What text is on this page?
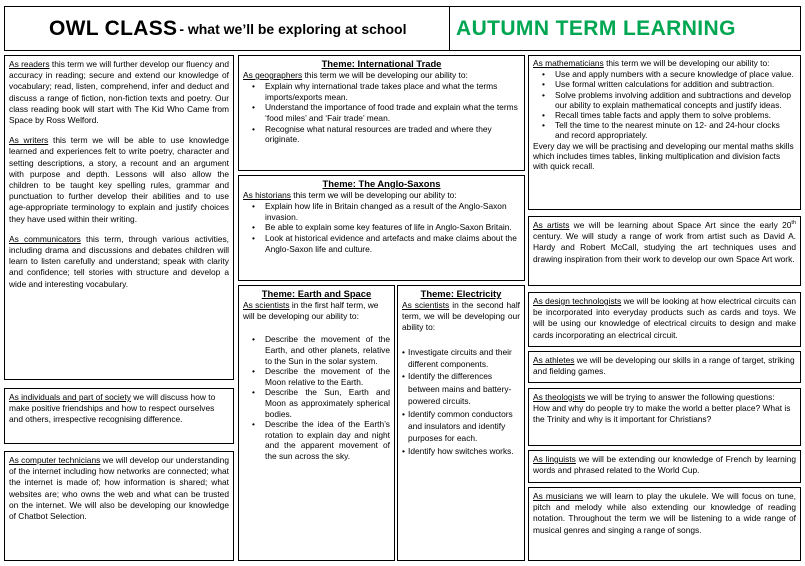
OWL CLASS - what we’ll be exploring at school AUTUMN TERM LEARNING

As readers this term we will further develop our fluency and accuracy in reading; secure and extend our knowledge of vocabulary; read, listen, comprehend, infer and deduct and discuss a range of fiction, non-fiction texts and poetry. Our class reading book will start with The Kid Who Came from Space by Ross Welford.

As writers this term we will be able to use knowledge learned and experiences felt to write poetry, character and setting descriptions, a story, a recount and an argument with purpose and depth. Lessons will also allow the children to be taught key spelling rules, grammar and punctuation to further develop their abilities and to use age-appropriate terminology to explain and justify choices they have used within their writing.

As communicators this term, through various activities, including drama and discussions and debates children will learn to listen carefully and understand; speak with clarity and confidence; tell stories with structure and develop a wide and interesting vocabulary.

As individuals and part of society we will discuss how to make positive friendships and how to respect ourselves and others, irrespective recognising difference.

As computer technicians we will develop our understanding of the internet including how networks are connected; what the internet is made of; how information is shared; what websites are; who owns the web and what can be trusted on the internet. We will also be developing our knowledge of Chatbot Selection.

Theme: International Trade

As geographers this term we will be developing our ability to:

• Explain why international trade takes place and what the terms imports/exports mean.
• Understand the importance of food trade and explain what the terms ‘food miles’ and ‘Fair trade’ mean.
• Recognise what natural resources are traded and where they originate.
Theme: The Anglo-Saxons

As historians this term we will be developing our ability to:

• Explain how life in Britain changed as a result of the Anglo-Saxon invasion.
• Be able to explain some key features of life in Anglo-Saxon Britain.
• Look at historical evidence and artefacts and make claims about the Anglo-Saxon life and culture.
Theme: Earth and Space

As scientists in the first half term, we will be developing our ability to:

• Describe the movement of the Earth, and other planets, relative to the Sun in the solar system.
• Describe the movement of the Moon relative to the Earth.
• Describe the Sun, Earth and Moon as approximately spherical bodies.
• Describe the idea of the Earth’s rotation to explain day and night and the apparent movement of the sun across the sky.
Theme: Electricity

As scientists in the second half term, we will be developing our ability to:

• Investigate circuits and their different components.
• Identify the differences between mains and battery-powered circuits.
• Identify common conductors and insulators and identify purposes for each.
• Identify how switches works.

As mathematicians this term we will be developing our ability to:

• Use and apply numbers with a secure knowledge of place value.
• Use formal written calculations for addition and subtraction.
• Solve problems involving addition and subtractions and develop our ability to explain mathematical concepts and justify ideas.
• Recall times table facts and apply them to solve problems.
• Tell the time to the nearest minute on 12- and 24-hour clocks and record appropriately.

Every day we will be practising and developing our mental maths skills which includes times tables, linking multiplication and division facts with quick recall.

As artists we will be learning about Space Art since the early 20th century. We will study a range of work from artist such as David A. Hardy and Robert McCall, studying the art techniques uses and drawing inspiration from their work to develop our own Space Art work.

As design technologists we will be looking at how electrical circuits can be incorporated into everyday products such as cards and toys. We will be using our knowledge of electrical circuits to design and make cards incorporating an electrical circuit.

As athletes we will be developing our skills in a range of target, striking and fielding games.

As theologists we will be trying to answer the following questions:

How and why do people try to make the world a better place? What is the Trinity and why is it important for Christians?

As linguists we will be extending our knowledge of French by learning words and phrased related to the World Cup.

As musicians we will learn to play the ukulele. We will focus on tune, pitch and melody while also extending our knowledge of reading notation. Throughout the term we will be listening to a wide range of musical genres and singing a range of songs.
